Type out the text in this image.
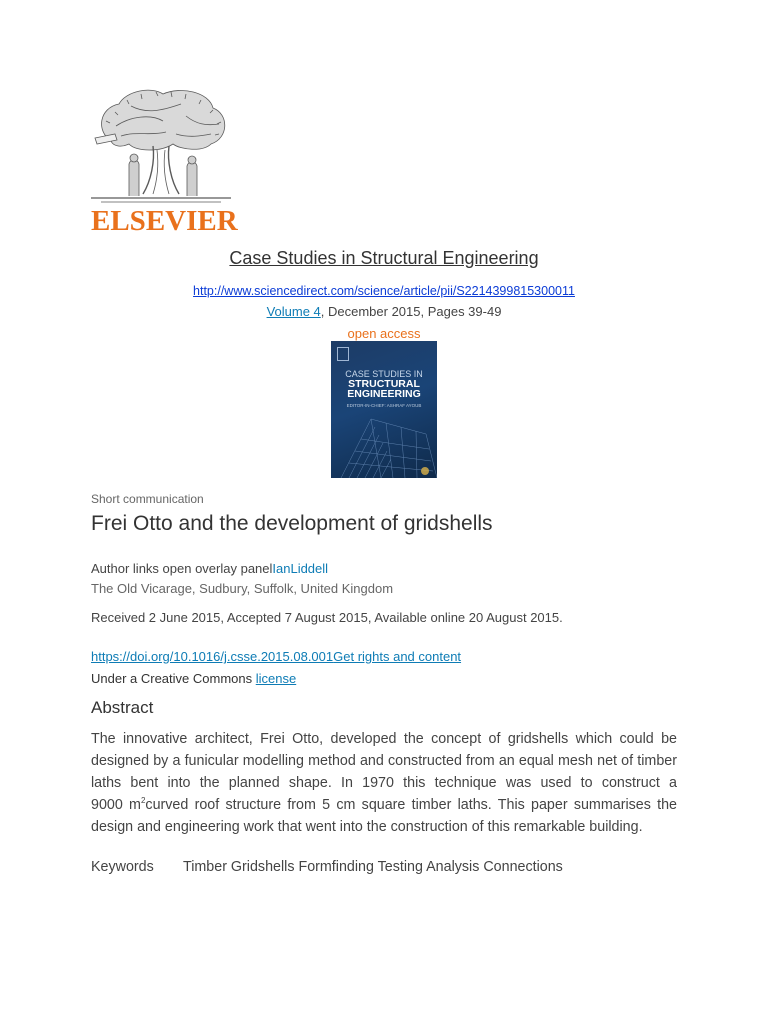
ELSEVIER
Case Studies in Structural Engineering
http://www.sciencedirect.com/science/article/pii/S2214399815300011
Volume 4, December 2015, Pages 39-49
open access
CASE STUDIES IN
STRUCTURAL
ENGINEERING
EDITOR-IN-CHIEF: ASHRAF AYOUB
Short communication
Frei Otto and the development of gridshells
Author links open overlay panelIanLiddell
The Old Vicarage, Sudbury, Suffolk, United Kingdom
Received 2 June 2015, Accepted 7 August 2015, Available online 20 August 2015.
https://doi.org/10.1016/j.csse.2015.08.001Get rights and content
Under a Creative Commons license
Abstract
The innovative architect, Frei Otto, developed the concept of gridshells which could be
designed by a funicular modelling method and constructed from an equal mesh net of timber
laths bent into the planned shape. In 1970 this technique was used to construct a
9000 $m^2curved$ roof structure from 5 cm square timber laths. This paper summarises the
design and engineering work that went into the construction of this remarkable building.
Keywords Timber Gridshells Formfinding Testing Analysis Connections
